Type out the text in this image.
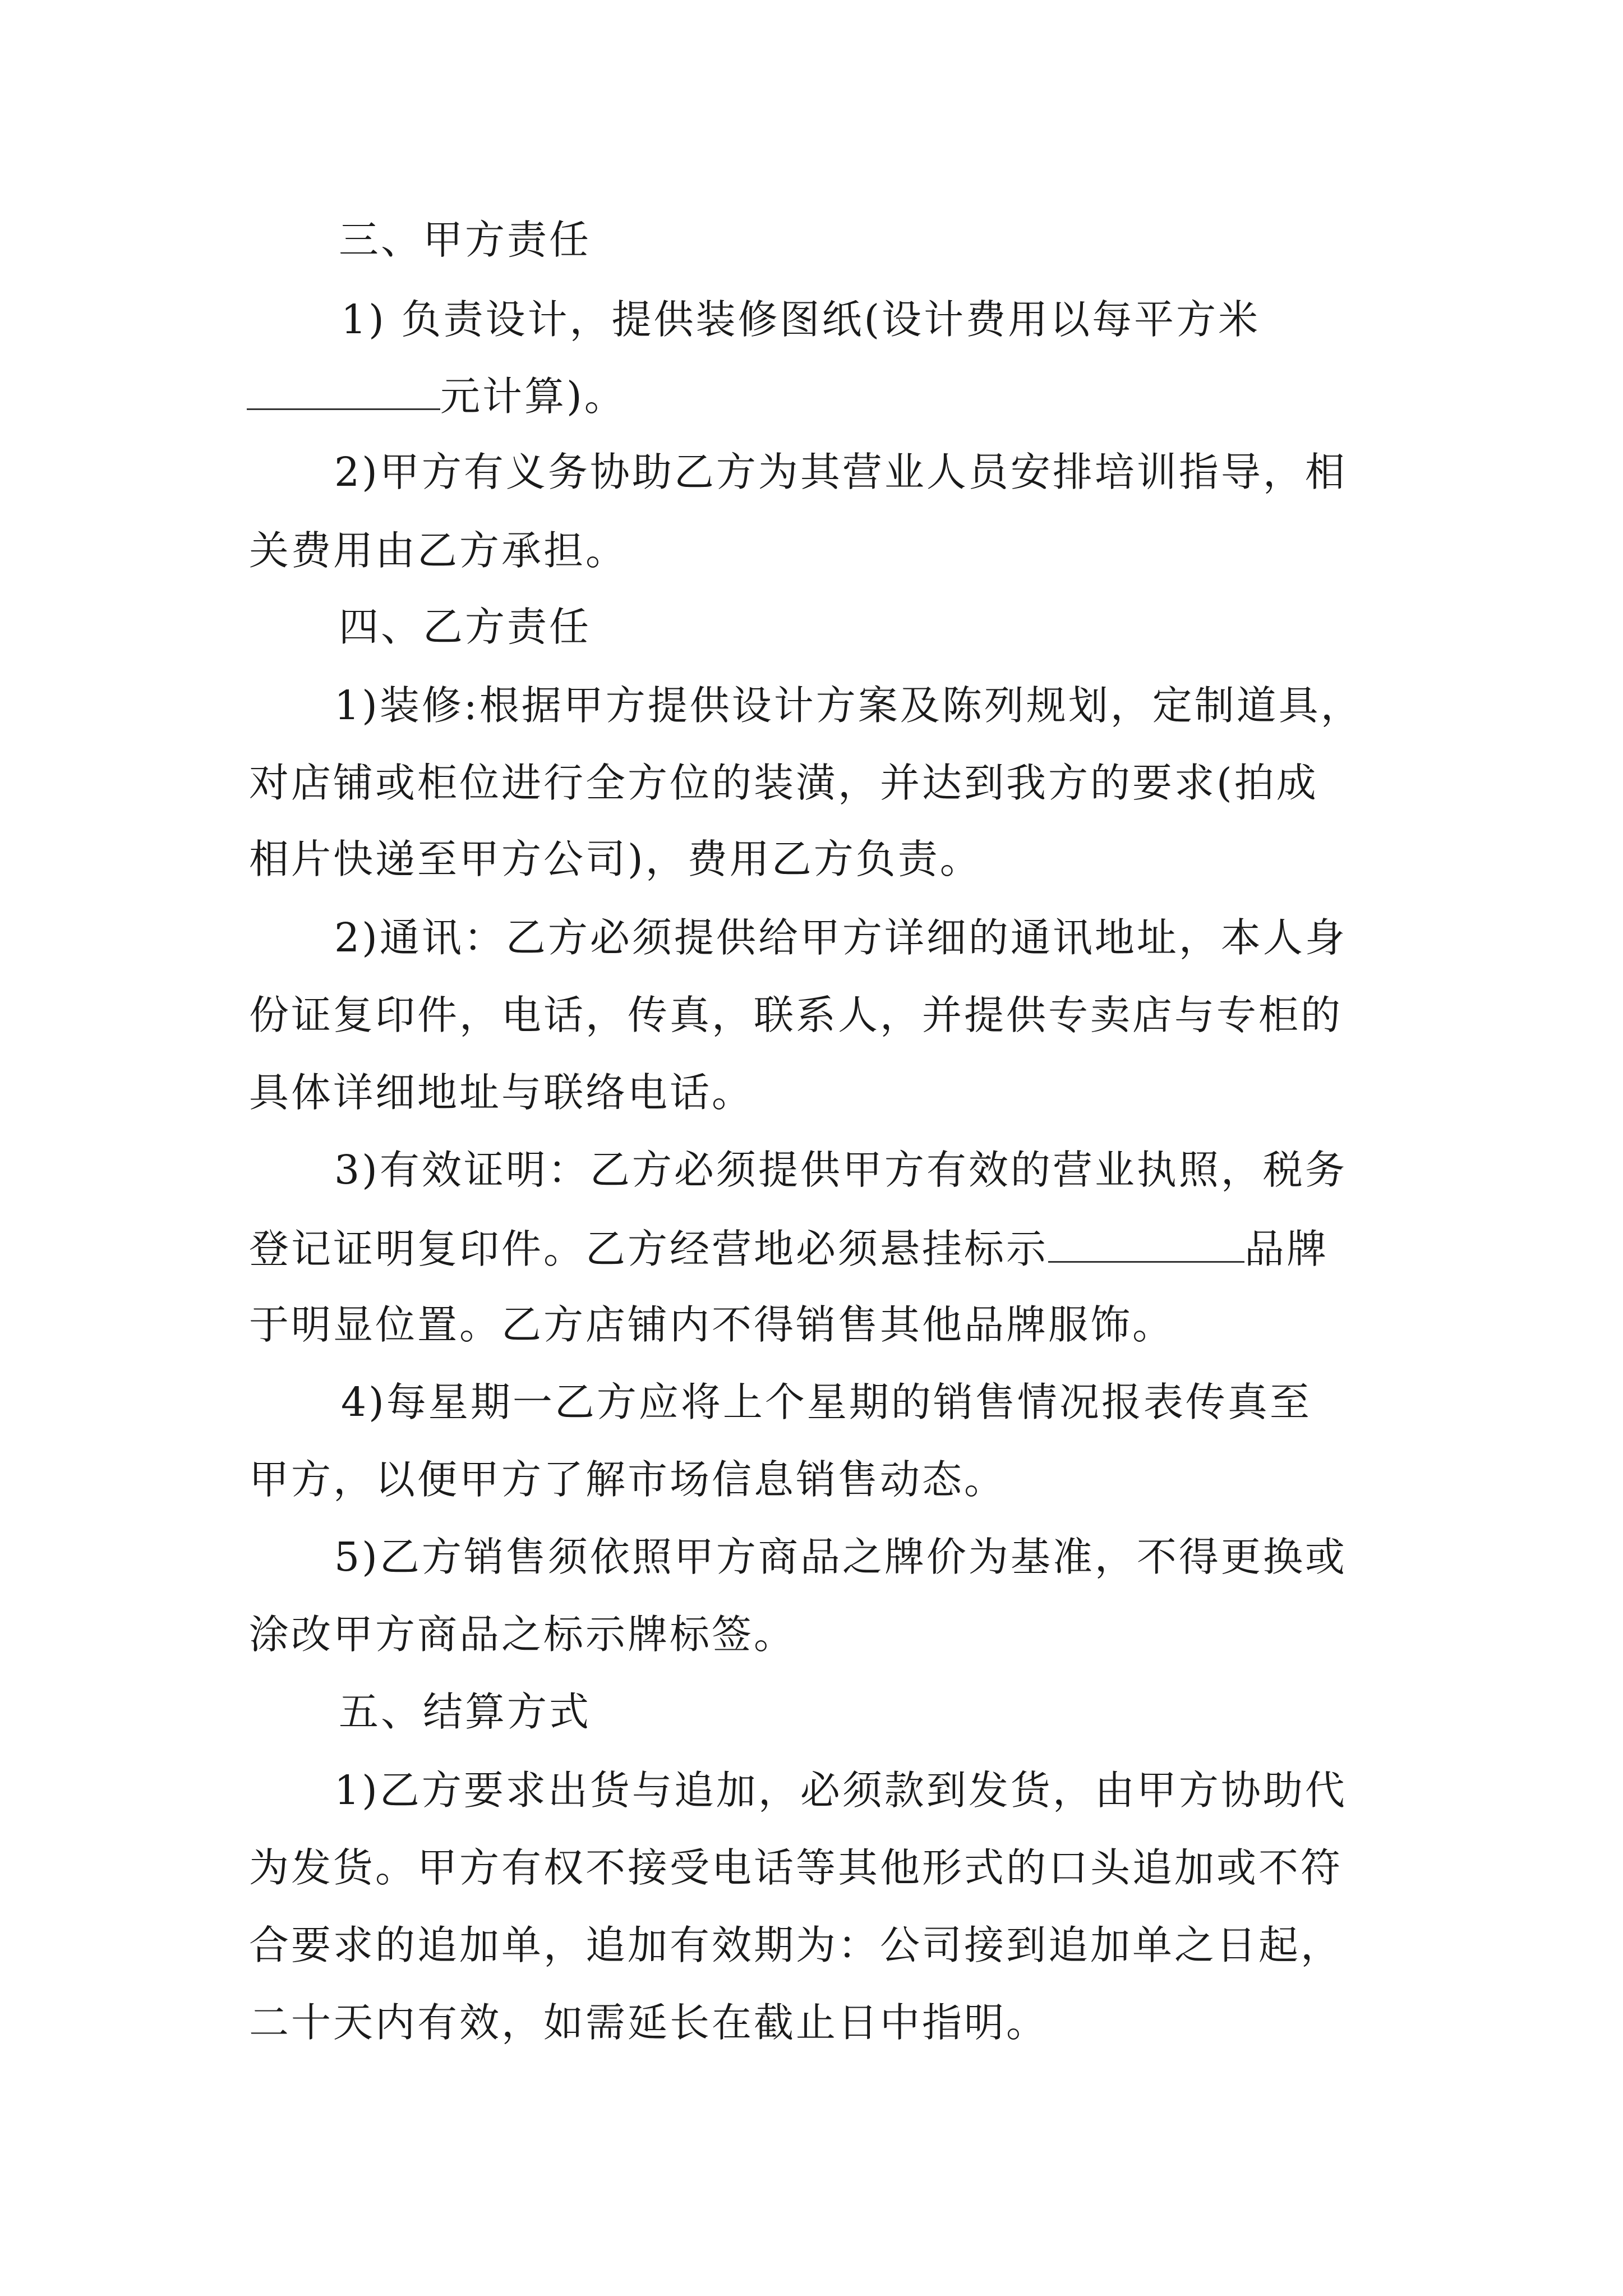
三、甲方责任
1) 负责设计，提供装修图纸(设计费用以每平方米
元计算)。
2)甲方有义务协助乙方为其营业人员安排培训指导，相
关费用由乙方承担。
四、乙方责任
1)装修:根据甲方提供设计方案及陈列规划，定制道具，
对店铺或柜位进行全方位的装潢，并达到我方的要求(拍成
相片快递至甲方公司)，费用乙方负责。
2)通讯：乙方必须提供给甲方详细的通讯地址，本人身
份证复印件，电话，传真，联系人，并提供专卖店与专柜的
具体详细地址与联络电话。
3)有效证明：乙方必须提供甲方有效的营业执照，税务
登记证明复印件。乙方经营地必须悬挂标示	品牌
于明显位置。乙方店铺内不得销售其他品牌服饰。
4)每星期一乙方应将上个星期的销售情况报表传真至
甲方，以便甲方了解市场信息销售动态。
5)乙方销售须依照甲方商品之牌价为基准，不得更换或
涂改甲方商品之标示牌标签。
五、结算方式
1)乙方要求出货与追加，必须款到发货，由甲方协助代
为发货。甲方有权不接受电话等其他形式的口头追加或不符
合要求的追加单，追加有效期为：公司接到追加单之日起，
二十天内有效，如需延长在截止日中指明。
